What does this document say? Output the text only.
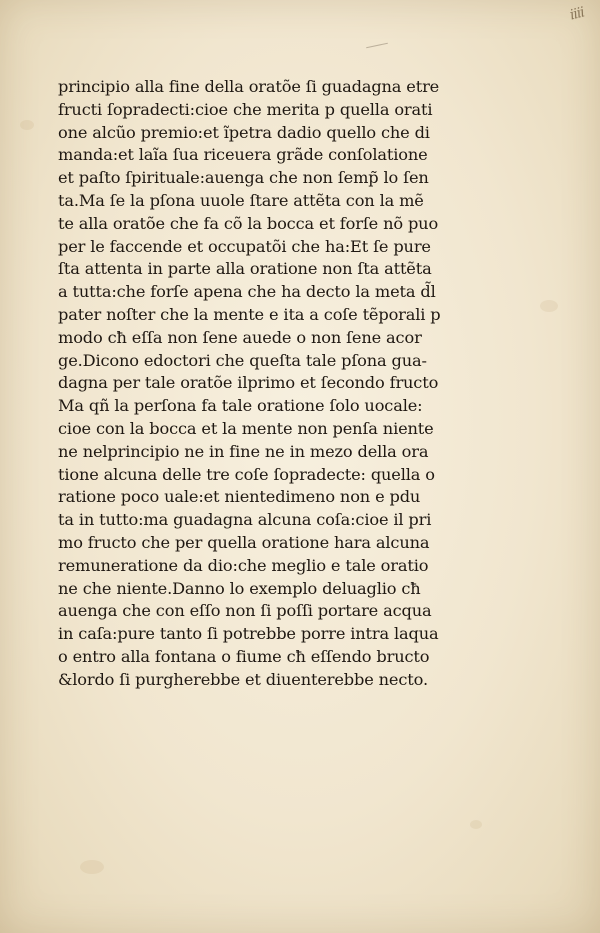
iiii
principio alla fine della oratõe ſi guadagna etre
fructi ſopradecti:cioe che merita p quella orati
one alcũo premio:et ĩpetra dadio quello che di
manda:et laĩa ſua riceuera grãde conſolatione
et paſto ſpirituale:auenga che non ſemp̃ lo ſen
ta.Ma ſe la pſona uuole ſtare attẽta con la mẽ
te alla oratõe che fa cõ la bocca et forſe nõ puo
per le faccende et occupatõi che ha:Et ſe pure
ſta attenta in parte alla oratione non ſta attẽta
a tutta:che forſe apena che ha decto la meta d̃l
pater noſter che la mente e ita a coſe tẽporali p
modo cħ eſſa non ſene auede o non ſene acor
ge.Dicono edoctori che queſta tale pſona gua-
dagna per tale oratõe ilprimo et ſecondo fructo
Ma qñ la perſona fa tale oratione ſolo uocale:
cioe con la bocca et la mente non penſa niente
ne nelprincipio ne in fine ne in mezo della ora
tione alcuna delle tre coſe ſopradecte: quella o
ratione poco uale:et nientedimeno non e pdu
ta in tutto:ma guadagna alcuna coſa:cioe il pri
mo fructo che per quella oratione hara alcuna
remuneratione da dio:che meglio e tale oratio
ne che niente.Danno lo exemplo deluaglio cħ
auenga che con eſſo non ſi poſſi portare acqua
in caſa:pure tanto ſi potrebbe porre intra laqua
o entro alla fontana o fiume cħ eſſendo bructo
&lordo ſi purgherebbe et diuenterebbe necto.
